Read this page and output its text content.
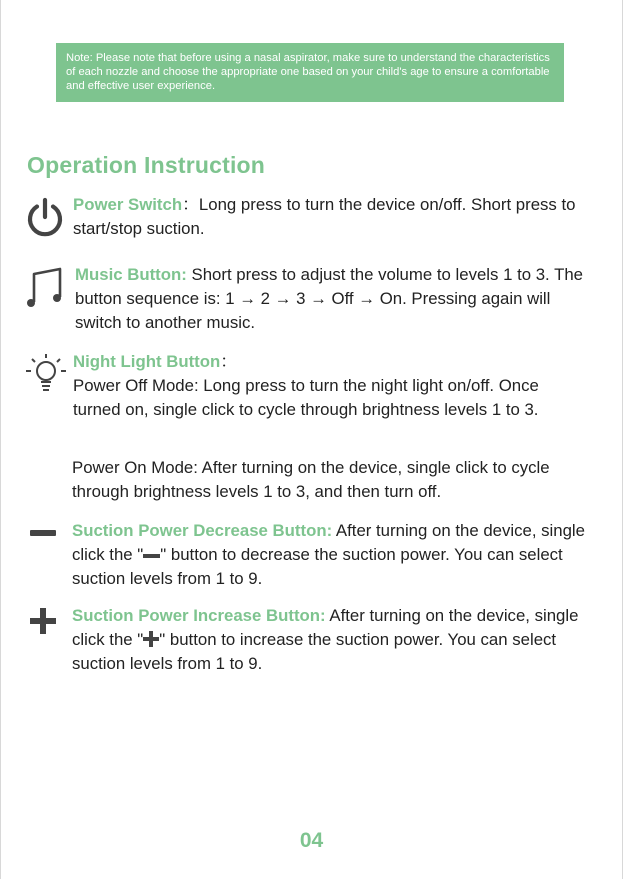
Note: Please note that before using a nasal aspirator, make sure to understand the characteristics of each nozzle and choose the appropriate one based on your child's age to ensure a comfortable and effective user experience.
Operation Instruction

Power Switch：Long press to turn the device on/off. Short press to start/stop suction.

Music Button: Short press to adjust the volume to levels 1 to 3. The button sequence is: 1 → 2 → 3 → Off → On. Pressing again will switch to another music.

Night Light Button：
Power Off Mode: Long press to turn the night light on/off. Once turned on, single click to cycle through brightness levels 1 to 3.

Power On Mode: After turning on the device, single click to cycle through brightness levels 1 to 3, and then turn off.

Suction Power Decrease Button: After turning on the device, single click the " " button to decrease the suction power. You can select suction levels from 1 to 9.

Suction Power Increase Button: After turning on the device, single click the " " button to increase the suction power. You can select suction levels from 1 to 9.

04
